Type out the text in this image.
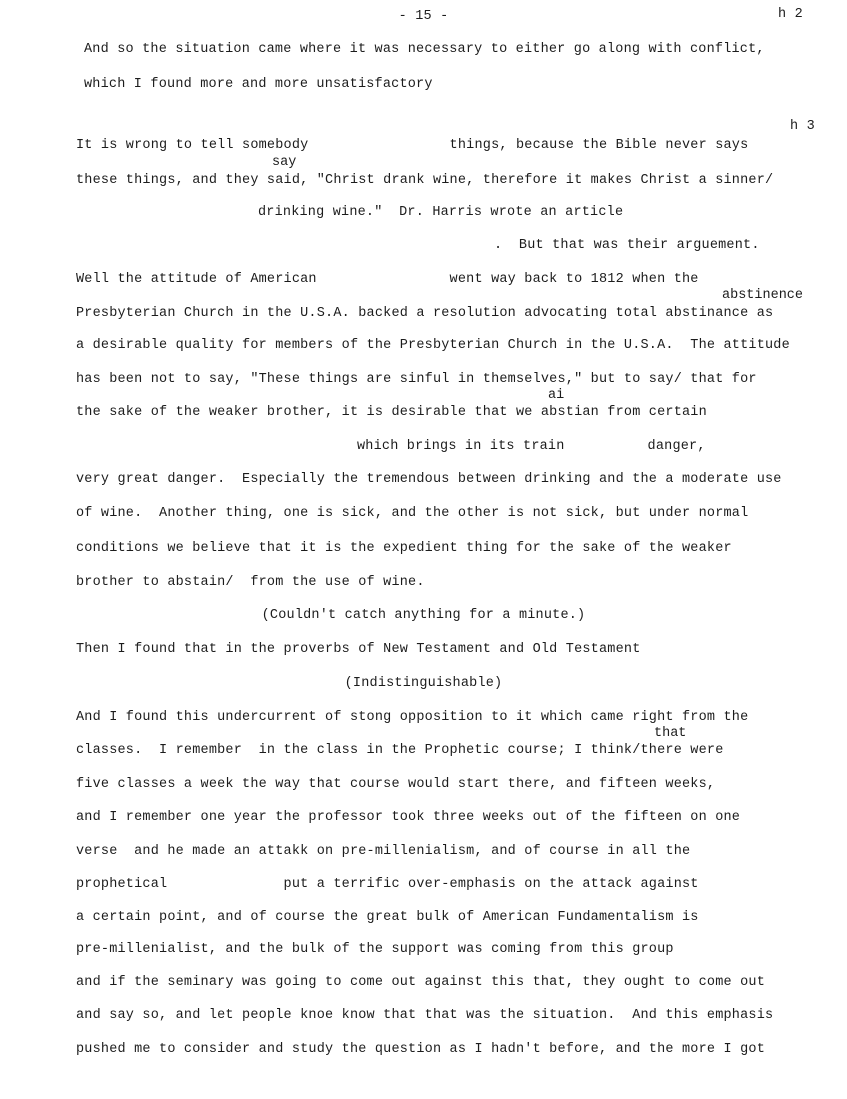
- 15 -	h 2
h 3
And so the situation came where it was necessary to either go along with conflict,
which I found more and more unsatisfactory
It is wrong to tell somebody                 things, because the Bible never says
say
these things, and they said, "Christ drank wine, therefore it makes Christ a sinner/
drinking wine."  Dr. Harris wrote an article
.  But that was their arguement.
Well the attitude of American                went way back to 1812 when the
abstinence
Presbyterian Church in the U.S.A. backed a resolution advocating total abstinance as
a desirable quality for members of the Presbyterian Church in the U.S.A.  The attitude
has been not to say, "These things are sinful in themselves," but to say/ that for
ai
the sake of the weaker brother, it is desirable that we abstian from certain
which brings in its train          danger,
very great danger.  Especially the tremendous between drinking and the a moderate use
of wine.  Another thing, one is sick, and the other is not sick, but under normal
conditions we believe that it is the expedient thing for the sake of the weaker
brother to abstain/  from the use of wine.
(Couldn't catch anything for a minute.)
Then I found that in the proverbs of New Testament and Old Testament
(Indistinguishable)
And I found this undercurrent of stong opposition to it which came right from the
that
classes.  I remember  in the class in the Prophetic course; I think/there were
five classes a week the way that course would start there, and fifteen weeks,
and I remember one year the professor took three weeks out of the fifteen on one
verse  and he made an attakk on pre-millenialism, and of course in all the
prophetical              put a terrific over-emphasis on the attack against
a certain point, and of course the great bulk of American Fundamentalism is
pre-millenialist, and the bulk of the support was coming from this group
and if the seminary was going to come out against this that, they ought to come out
and say so, and let people knoe know that that was the situation.  And this emphasis
pushed me to consider and study the question as I hadn't before, and the more I got
